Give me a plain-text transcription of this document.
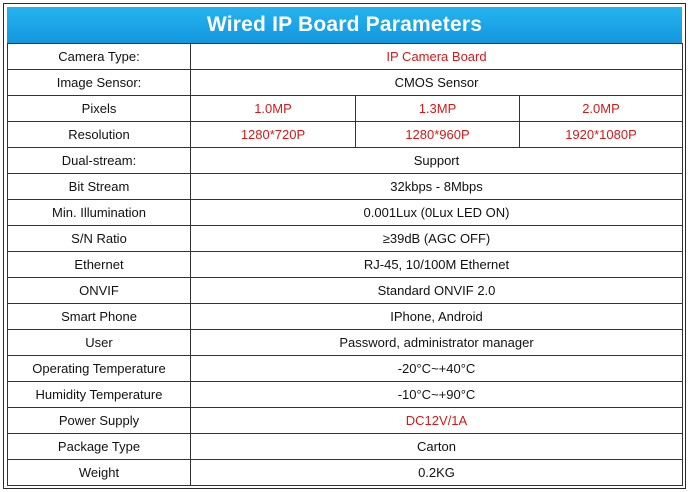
Wired IP Board Parameters
Camera Type:	IP Camera Board		
Image Sensor:	CMOS Sensor		
Pixels	1.0MP	1.3MP	2.0MP
Resolution	1280*720P	1280*960P	1920*1080P
Dual-stream:	Support		
Bit Stream	32kbps - 8Mbps		
Min. Illumination	0.001Lux (0Lux LED ON)		
S/N Ratio	≥39dB (AGC OFF)		
Ethernet	RJ-45, 10/100M Ethernet		
ONVIF	Standard ONVIF 2.0		
Smart Phone	IPhone, Android		
User	Password, administrator manager		
Operating Temperature	-20°C~+40°C		
Humidity Temperature	-10°C~+90°C		
Power Supply	DC12V/1A		
Package Type	Carton		
Weight	0.2KG		
